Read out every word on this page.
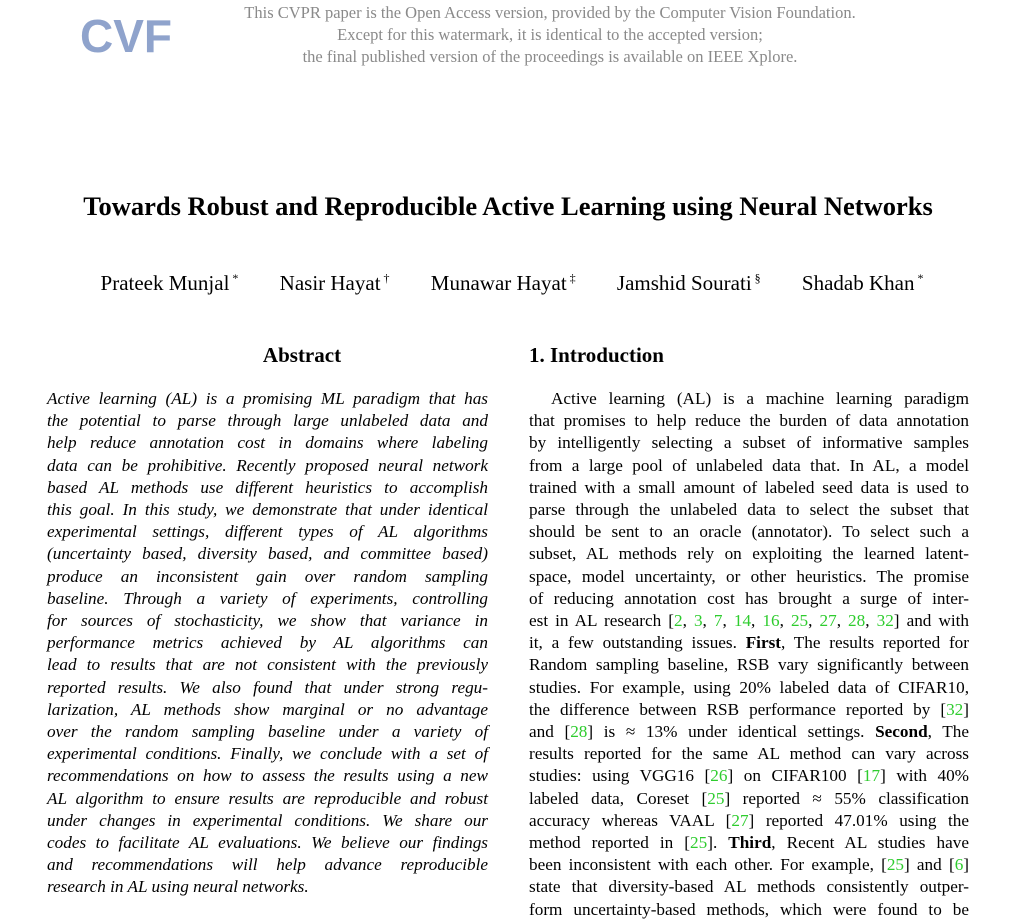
CVF	This CVPR paper is the Open Access version, provided by the Computer Vision Foundation.
Except for this watermark, it is identical to the accepted version;
the final published version of the proceedings is available on IEEE Xplore.
Towards Robust and Reproducible Active Learning using Neural Networks
Prateek Munjal * Nasir Hayat † Munawar Hayat ‡ Jamshid Sourati § Shadab Khan *
Abstract	1. Introduction
Active learning (AL) is a promising ML paradigm that has
the potential to parse through large unlabeled data and
help reduce annotation cost in domains where labeling
data can be prohibitive. Recently proposed neural network
based AL methods use different heuristics to accomplish
this goal. In this study, we demonstrate that under identical
experimental settings, different types of AL algorithms
(uncertainty based, diversity based, and committee based)
produce an inconsistent gain over random sampling
baseline. Through a variety of experiments, controlling
for sources of stochasticity, we show that variance in
performance metrics achieved by AL algorithms can
lead to results that are not consistent with the previously
reported results. We also found that under strong regu-
larization, AL methods show marginal or no advantage
over the random sampling baseline under a variety of
experimental conditions. Finally, we conclude with a set of
recommendations on how to assess the results using a new
AL algorithm to ensure results are reproducible and robust
under changes in experimental conditions. We share our
codes to facilitate AL evaluations. We believe our findings
and recommendations will help advance reproducible
research in AL using neural networks.
Active learning (AL) is a machine learning paradigm
that promises to help reduce the burden of data annotation
by intelligently selecting a subset of informative samples
from a large pool of unlabeled data that. In AL, a model
trained with a small amount of labeled seed data is used to
parse through the unlabeled data to select the subset that
should be sent to an oracle (annotator). To select such a
subset, AL methods rely on exploiting the learned latent-
space, model uncertainty, or other heuristics. The promise
of reducing annotation cost has brought a surge of inter-
est in AL research [2, 3, 7, 14, 16, 25, 27, 28, 32] and with
it, a few outstanding issues. First, The results reported for
Random sampling baseline, RSB vary significantly between
studies. For example, using 20% labeled data of CIFAR10,
the difference between RSB performance reported by [32]
and [28] is ≈ 13% under identical settings. Second, The
results reported for the same AL method can vary across
studies: using VGG16 [26] on CIFAR100 [17] with 40%
labeled data, Coreset [25] reported ≈ 55% classification
accuracy whereas VAAL [27] reported 47.01% using the
method reported in [25]. Third, Recent AL studies have
been inconsistent with each other. For example, [25] and [6]
state that diversity-based AL methods consistently outper-
form uncertainty-based methods, which were found to be
